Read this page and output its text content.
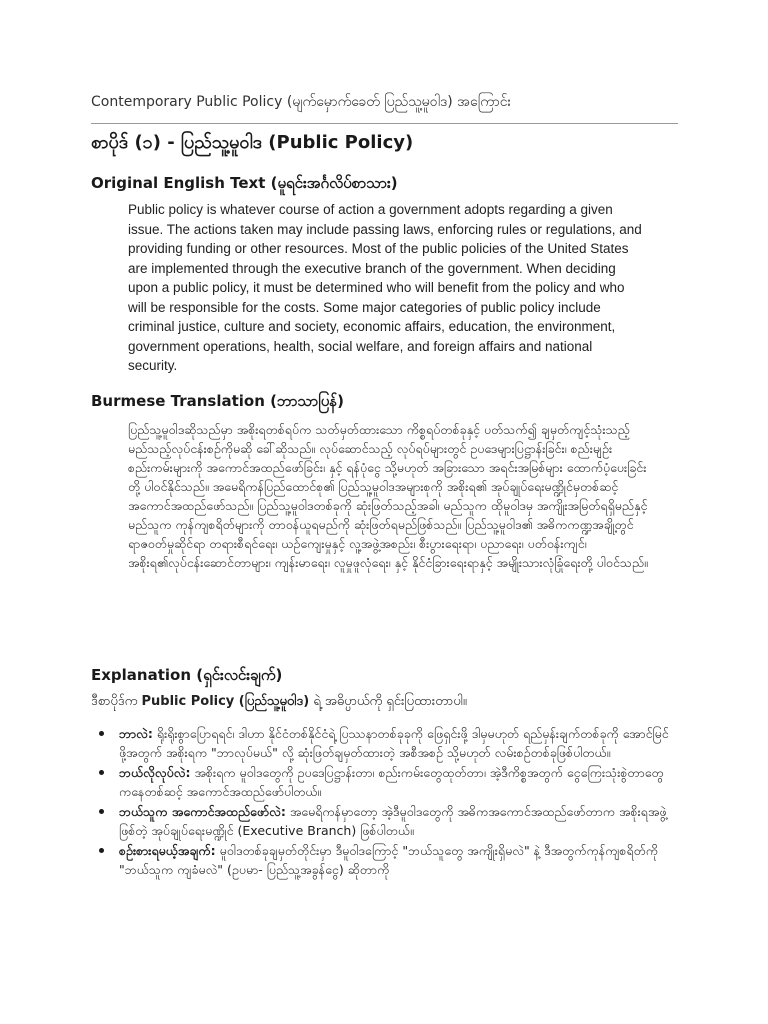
Contemporary Public Policy (မျက်မှောက်ခေတ် ပြည်သူ့မူဝါဒ) အကြောင်း
စာပိုဒ် (၁) - ပြည်သူ့မူဝါဒ (Public Policy)
Original English Text (မူရင်းအင်္ဂလိပ်စာသား)

Public policy is whatever course of action a government adopts regarding a given issue. The actions taken may include passing laws, enforcing rules or regulations, and providing funding or other resources. Most of the public policies of the United States are implemented through the executive branch of the government. When deciding upon a public policy, it must be determined who will benefit from the policy and who will be responsible for the costs. Some major categories of public policy include criminal justice, culture and society, economic affairs, education, the environment, government operations, health, social welfare, and foreign affairs and national security.

Burmese Translation (ဘာသာပြန်)

ပြည်သူ့မူဝါဒဆိုသည်မှာ အစိုးရတစ်ရပ်က သတ်မှတ်ထားသော ကိစ္စရပ်တစ်ခုနှင့် ပတ်သက်၍ ချမှတ်ကျင့်သုံးသည့် မည်သည့်လုပ်ငန်းစဉ်ကိုမဆို ခေါ်ဆိုသည်။ လုပ်ဆောင်သည့် လုပ်ရပ်များတွင် ဥပဒေများပြဋ္ဌာန်းခြင်း၊ စည်းမျဉ်းစည်းကမ်းများကို အကောင်အထည်ဖော်ခြင်း၊ နှင့် ရန်ပုံငွေ သို့မဟုတ် အခြားသော အရင်းအမြစ်များ ထောက်ပံ့ပေးခြင်းတို့ ပါဝင်နိုင်သည်။ အမေရိကန်ပြည်ထောင်စု၏ ပြည်သူ့မူဝါဒအများစုကို အစိုးရ၏ အုပ်ချုပ်ရေးမဏ္ဍိုင်မှတစ်ဆင့် အကောင်အထည်ဖော်သည်။ ပြည်သူ့မူဝါဒတစ်ခုကို ဆုံးဖြတ်သည့်အခါ၊ မည်သူက ထိုမူဝါဒမှ အကျိုးအမြတ်ရရှိမည်နှင့် မည်သူက ကုန်ကျစရိတ်များကို တာဝန်ယူရမည်ကို ဆုံးဖြတ်ရမည်ဖြစ်သည်။ ပြည်သူ့မူဝါဒ၏ အဓိကကဏ္ဍအချို့တွင် ရာဇဝတ်မှုဆိုင်ရာ တရားစီရင်ရေး၊ ယဉ်ကျေးမှုနှင့် လူ့အဖွဲ့အစည်း၊ စီးပွားရေးရာ၊ ပညာရေး၊ ပတ်ဝန်းကျင်၊ အစိုးရ၏လုပ်ငန်းဆောင်တာများ၊ ကျန်းမာရေး၊ လူမှုဖူလုံရေး၊ နှင့် နိုင်ငံခြားရေးရာနှင့် အမျိုးသားလုံခြုံရေးတို့ ပါဝင်သည်။

Explanation (ရှင်းလင်းချက်)
ဒီစာပိုဒ်က Public Policy (ပြည်သူ့မူဝါဒ) ရဲ့ အဓိပ္ပာယ်ကို ရှင်းပြထားတာပါ။
ဘာလဲ: ရိုးရိုးစွာပြောရရင်၊ ဒါဟာ နိုင်ငံတစ်နိုင်ငံရဲ့ ပြဿနာတစ်ခုခုကို ဖြေရှင်းဖို့ ဒါမှမဟုတ် ရည်မှန်းချက်တစ်ခုကို အောင်မြင်ဖို့အတွက် အစိုးရက "ဘာလုပ်မယ်" လို့ ဆုံးဖြတ်ချမှတ်ထားတဲ့ အစီအစဉ် သို့မဟုတ် လမ်းစဉ်တစ်ခုဖြစ်ပါတယ်။
ဘယ်လိုလုပ်လဲ: အစိုးရက မူဝါဒတွေကို ဥပဒေပြဋ္ဌာန်းတာ၊ စည်းကမ်းတွေထုတ်တာ၊ အဲ့ဒီကိစ္စအတွက် ငွေကြေးသုံးစွဲတာတွေကနေတစ်ဆင့် အကောင်အထည်ဖော်ပါတယ်။
ဘယ်သူက အကောင်အထည်ဖော်လဲ: အမေရိကန်မှာတော့ အဲ့ဒီမူဝါဒတွေကို အဓိကအကောင်အထည်ဖော်တာက အစိုးရအဖွဲ့ဖြစ်တဲ့ အုပ်ချုပ်ရေးမဏ္ဍိုင် (Executive Branch) ဖြစ်ပါတယ်။
စဉ်းစားရမယ့်အချက်: မူဝါဒတစ်ခုချမှတ်တိုင်းမှာ ဒီမူဝါဒကြောင့် "ဘယ်သူတွေ အကျိုးရှိမလဲ" နဲ့ ဒီအတွက်ကုန်ကျစရိတ်ကို "ဘယ်သူက ကျခံမလဲ" (ဥပမာ- ပြည်သူ့အခွန်ငွေ) ဆိုတာကို
